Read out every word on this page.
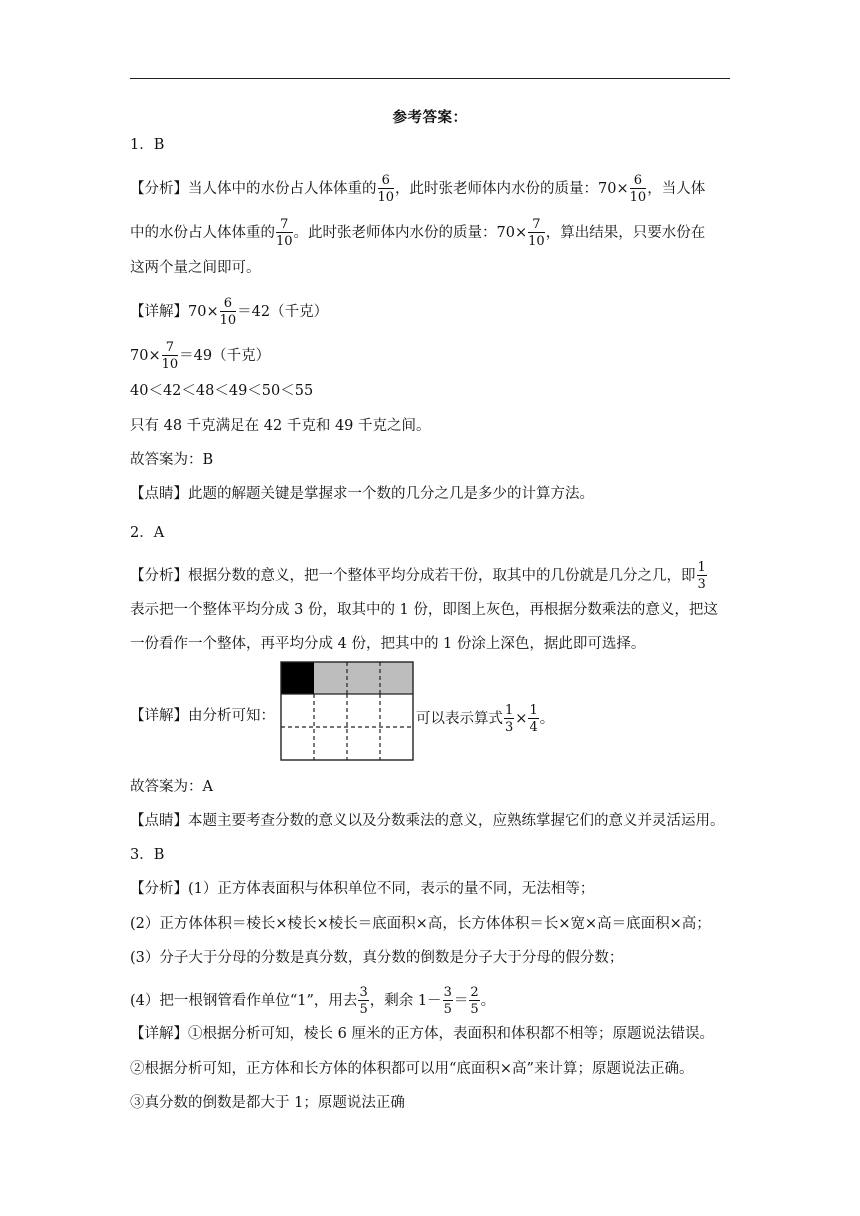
参考答案：
1．B
【分析】当人体中的水份占人体体重的 $\frac{6}{10}$ ，此时张老师体内水份的质量：$70\times \frac{6}{10}$ ，当人体
中的水份占人体体重的 $\frac{7}{10}$ 。此时张老师体内水份的质量：$70\times \frac{7}{10}$ ，算出结果，只要水份在
这两个量之间即可。
【详解】$70\times \frac{6}{10} =42$（千克）
$70\times \frac{7}{10} =49$（千克）
40＜42＜48＜49＜50＜55
只有 48 千克满足在 42 千克和 49 千克之间。
故答案为：B
【点睛】此题的解题关键是掌握求一个数的几分之几是多少的计算方法。
2．A
【分析】根据分数的意义，把一个整体平均分成若干份，取其中的几份就是几分之几，即 $\frac{1}{3}$
表示把一个整体平均分成 3 份，取其中的 1 份，即图上灰色，再根据分数乘法的意义，把这
一份看作一个整体，再平均分成 4 份，把其中的 1 份涂上深色，据此即可选择。
【详解】由分析可知：	可以表示算式 $\frac{1}{3} \times \frac{1}{4}$ 。
故答案为：A
【点睛】本题主要考查分数的意义以及分数乘法的意义，应熟练掌握它们的意义并灵活运用。
3．B
【分析】(1）正方体表面积与体积单位不同，表示的量不同，无法相等；
(2）正方体体积＝棱长×棱长×棱长＝底面积×高，长方体体积＝长×宽×高＝底面积×高；
(3）分子大于分母的分数是真分数，真分数的倒数是分子大于分母的假分数；
(4）把一根钢管看作单位“1”，用去 $\frac{3}{5}$ ，剩余 $1- \frac{3}{5} = \frac{2}{5}$ 。
【详解】①根据分析可知，棱长 6 厘米的正方体，表面积和体积都不相等；原题说法错误。
②根据分析可知，正方体和长方体的体积都可以用“底面积×高”来计算；原题说法正确。
③真分数的倒数是都大于 1；原题说法正确
